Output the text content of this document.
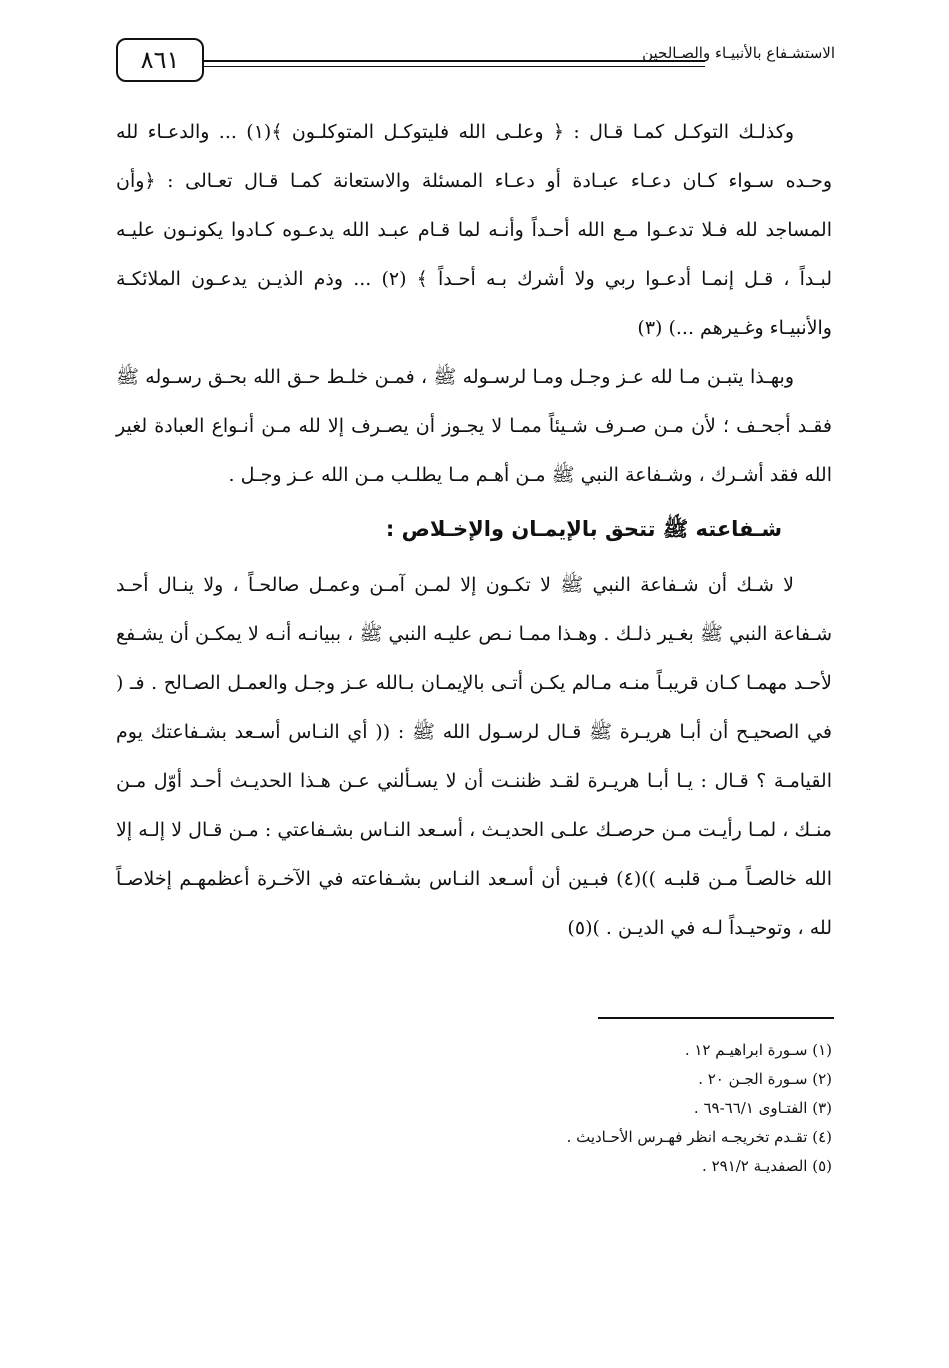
٨٦١	الاستشـفاع بالأنبيـاء والصـالحين

وكذلـك التوكـل كمـا قـال : ﴿ وعلـى الله فليتوكـل المتوكلـون ﴾(١) ... والدعـاء لله وحـده سـواء كـان دعـاء عبـادة أو دعـاء المسئلة والاستعانة كمـا قـال تعـالى : ﴿وأن المساجد لله فـلا تدعـوا مـع الله أحـداً وأنـه لما قـام عبـد الله يدعـوه كـادوا يكونـون عليـه لبـداً ، قـل إنمـا أدعـوا ربي ولا أشرك بـه أحـداً ﴾ (٢) ... وذم الذيـن يدعـون الملائكـة والأنبيـاء وغـيرهم ...) (٣)

وبهـذا يتبـن مـا لله عـز وجـل ومـا لرسـوله ﷺ ، فمـن خلـط حـق الله بحـق رسـوله ﷺ فقـد أجحـف ؛ لأن مـن صـرف شـيئاً ممـا لا يجـوز أن يصـرف إلا لله مـن أنـواع العبادة لغير الله فقد أشـرك ، وشـفاعة النبي ﷺ مـن أهـم مـا يطلـب مـن الله عـز وجـل .

شـفاعته ﷺ تتحق بالإيمـان والإخـلاص :

لا شـك أن شـفاعة النبي ﷺ لا تكـون إلا لمـن آمـن وعمـل صالحـاً ، ولا ينـال أحـد شـفاعة النبي ﷺ بغـير ذلـك . وهـذا ممـا نـص عليـه النبي ﷺ ، ببيانـه أنـه لا يمكـن أن يشـفع لأحـد مهمـا كـان قريبـاً منـه مـالم يكـن أتـى بالإيمـان بـالله عـز وجـل والعمـل الصـالح . فـ ( في الصحيـح أن أبـا هريـرة ﷺ قـال لرسـول الله ﷺ : (( أي النـاس أسـعد بشـفاعتك يوم القيامـة ؟ قـال : يـا أبـا هريـرة لقـد ظننـت أن لا يسـألني عـن هـذا الحديـث أحـد أوّل مـن منـك ، لمـا رأيـت مـن حرصـك علـى الحديـث ، أسـعد النـاس بشـفاعتي : مـن قـال لا إلـه إلا الله خالصـاً مـن قلبـه ))(٤) فبـين أن أسـعد النـاس بشـفاعته في الآخـرة أعظمهـم إخلاصـاً لله ، وتوحيـداً لـه في الديـن . )(٥)

(١) سـورة ابراهيـم ١٢ .
(٢) سـورة الجـن ٢٠ .
(٣) الفتـاوى ٦٦/١-٦٩ .
(٤) تقـدم تخريجـه انظر فهـرس الأحـاديث .
(٥) الصفديـة ٢٩١/٢ .
